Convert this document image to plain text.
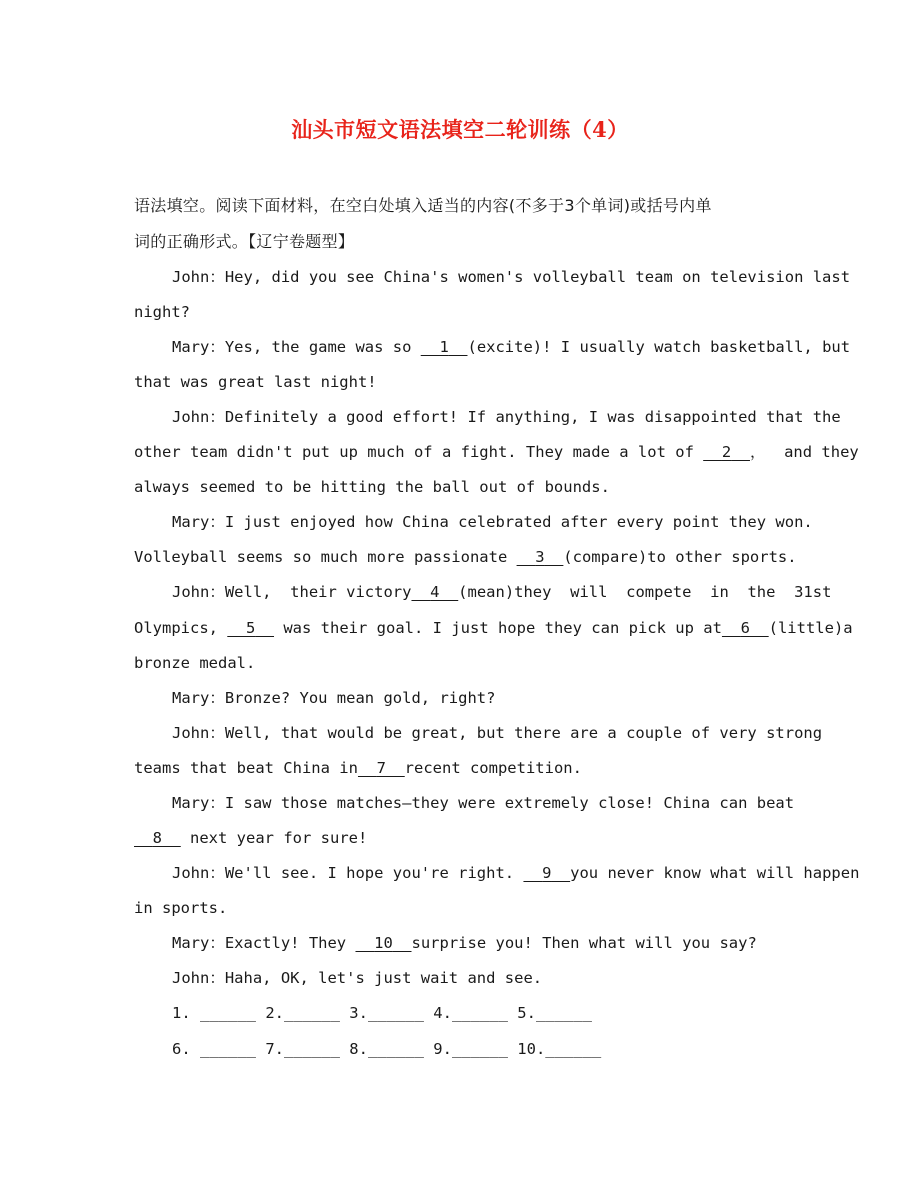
汕头市短文语法填空二轮训练（4）
语法填空。阅读下面材料，在空白处填入适当的内容(不多于3个单词)或括号内单
词的正确形式。【辽宁卷题型】
John：Hey, did you see China's women's volleyball team on television last
night?
Mary：Yes, the game was so __1__(excite)! I usually watch basketball, but
that was great last night!
John：Definitely a good effort! If anything, I was disappointed that the
other team didn't put up much of a fight. They made a lot of __2__，  and they
always seemed to be hitting the ball out of bounds.
Mary：I just enjoyed how China celebrated after every point they won.
Volleyball seems so much more passionate __3__(compare)to other sports.
John：Well,  their victory__4__(mean)they  will  compete  in  the  31st
Olympics, __5__ was their goal. I just hope they can pick up at__6__(little)a
bronze medal.
Mary：Bronze? You mean gold, right?
John：Well, that would be great, but there are a couple of very strong
teams that beat China in__7__recent competition.
Mary：I saw those matches—they were extremely close! China can beat
__8__ next year for sure!
John：We'll see. I hope you're right. __9__you never know what will happen
in sports.
Mary：Exactly! They __10__surprise you! Then what will you say?
John：Haha, OK, let's just wait and see.
1. ______ 2.______ 3.______ 4.______ 5.______
6. ______ 7.______ 8.______ 9.______ 10.______
